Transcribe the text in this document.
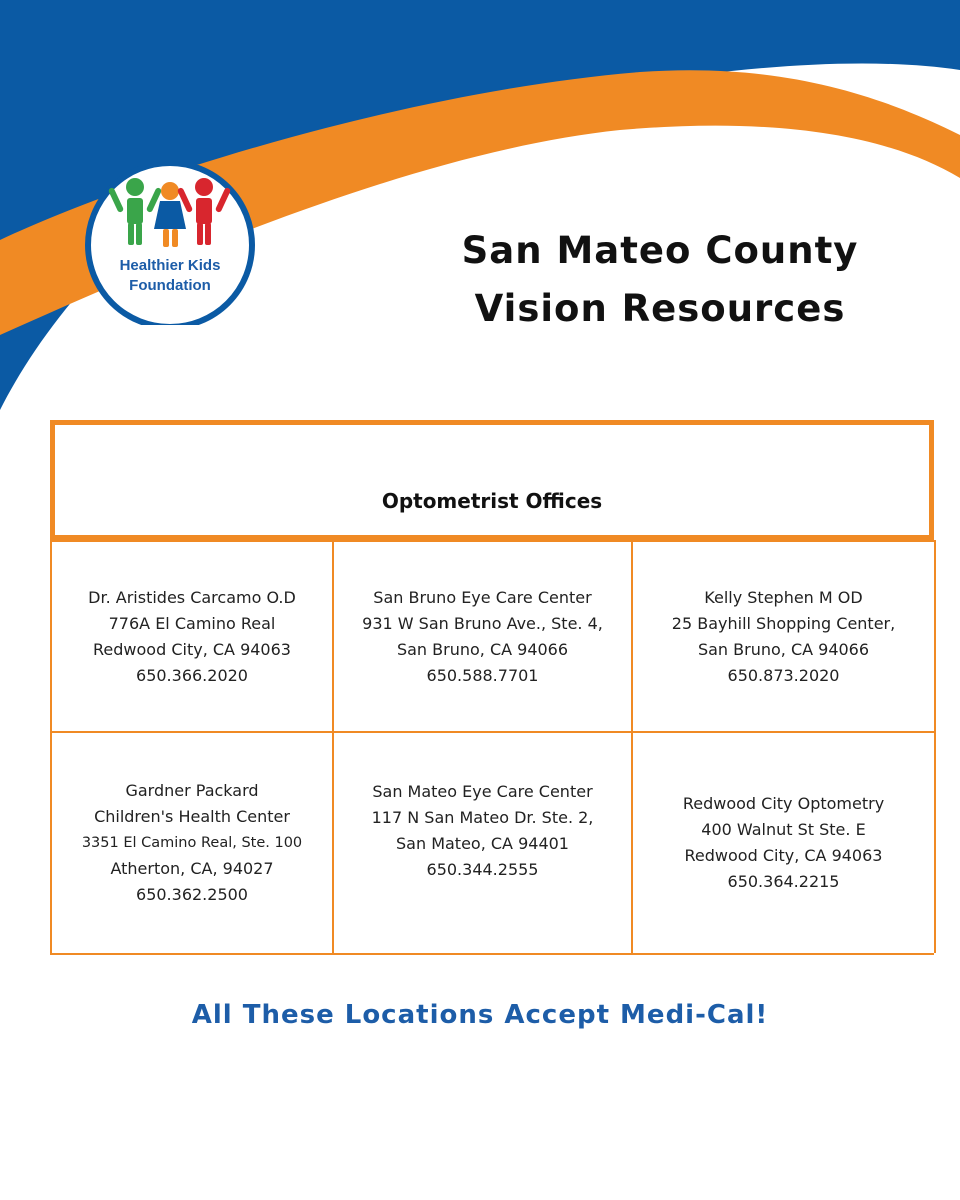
Healthier Kids
Foundation
San Mateo County
Vision Resources
Optometrist Offices
Dr. Aristides Carcamo O.D
776A El Camino Real
Redwood City, CA 94063
650.366.2020
San Bruno Eye Care Center
931 W San Bruno Ave., Ste. 4,
San Bruno, CA 94066
650.588.7701
Kelly Stephen M OD
25 Bayhill Shopping Center,
San Bruno, CA 94066
650.873.2020
Gardner Packard
Children's Health Center
3351 El Camino Real, Ste. 100
Atherton, CA, 94027
650.362.2500
San Mateo Eye Care Center
117 N San Mateo Dr. Ste. 2,
San Mateo, CA 94401
650.344.2555
Redwood City Optometry
400 Walnut St Ste. E
Redwood City, CA 94063
650.364.2215
All These Locations Accept Medi-Cal!
